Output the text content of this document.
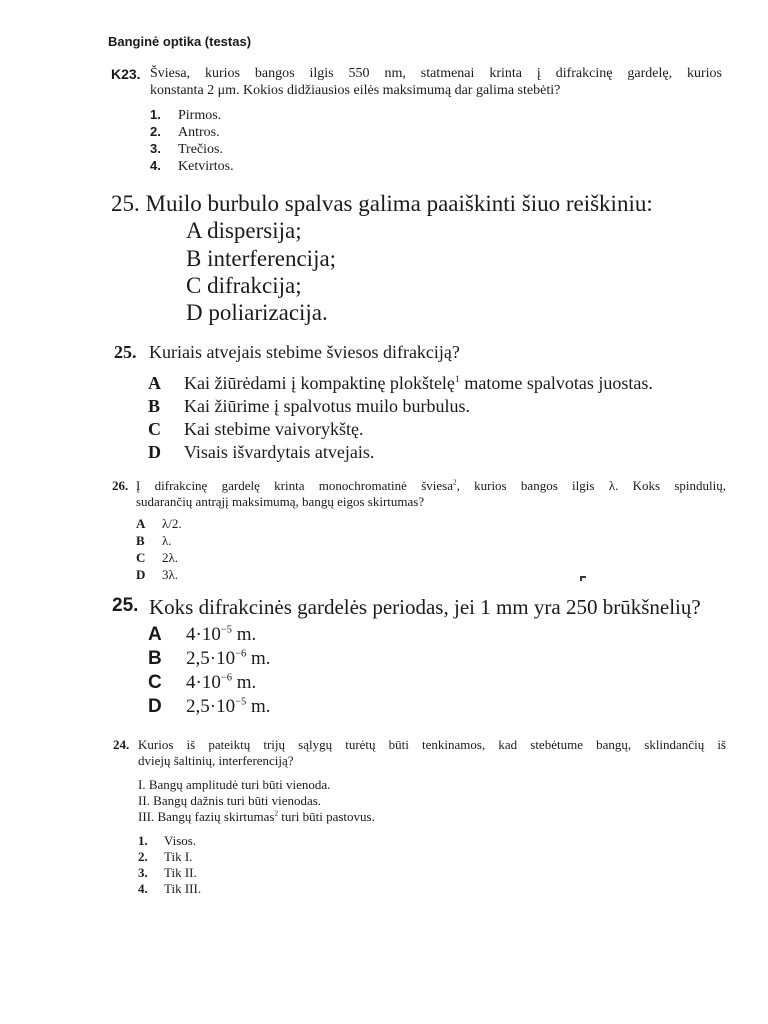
Banginė optika (testas)
K23. Šviesa, kurios bangos ilgis 550 nm, statmenai krinta į difrakcinę gardelę, kurios
konstanta 2 μm. Kokios didžiausios eilės maksimumą dar galima stebėti?
1. Pirmos.
2. Antros.
3. Trečios.
4. Ketvirtos.
25. Muilo burbulo spalvas galima paaiškinti šiuo reiškiniu:
A dispersija;
B interferencija;
C difrakcija;
D poliarizacija.
25. Kuriais atvejais stebime šviesos difrakciją?
A Kai žiūrėdami į kompaktinę plokštelę$^1$ matome spalvotas juostas.
B Kai žiūrime į spalvotus muilo burbulus.
C Kai stebime vaivorykštę.
D Visais išvardytais atvejais.
26. Į difrakcinę gardelę krinta monochromatinė šviesa$^2$, kurios bangos ilgis λ. Koks spindulių,
sudarančių antrąjį maksimumą, bangų eigos skirtumas?
A λ/2.
B λ.
C 2λ.
D 3λ.
25. Koks difrakcinės gardelės periodas, jei 1 mm yra 250 brūkšnelių?
A $4\cdot 10^{-5}$ m.
B $2,5\cdot 10^{-6}$ m.
C $4\cdot 10^{-6}$ m.
D $2,5\cdot 10^{-5}$ m.
24. Kurios iš pateiktų trijų sąlygų turėtų būti tenkinamos, kad stebėtume bangų, sklindančių iš
dviejų šaltinių, interferenciją?
I. Bangų amplitudė turi būti vienoda.
II. Bangų dažnis turi būti vienodas.
III. Bangų fazių skirtumas$^2$ turi būti pastovus.
1. Visos.
2. Tik I.
3. Tik II.
4. Tik III.
